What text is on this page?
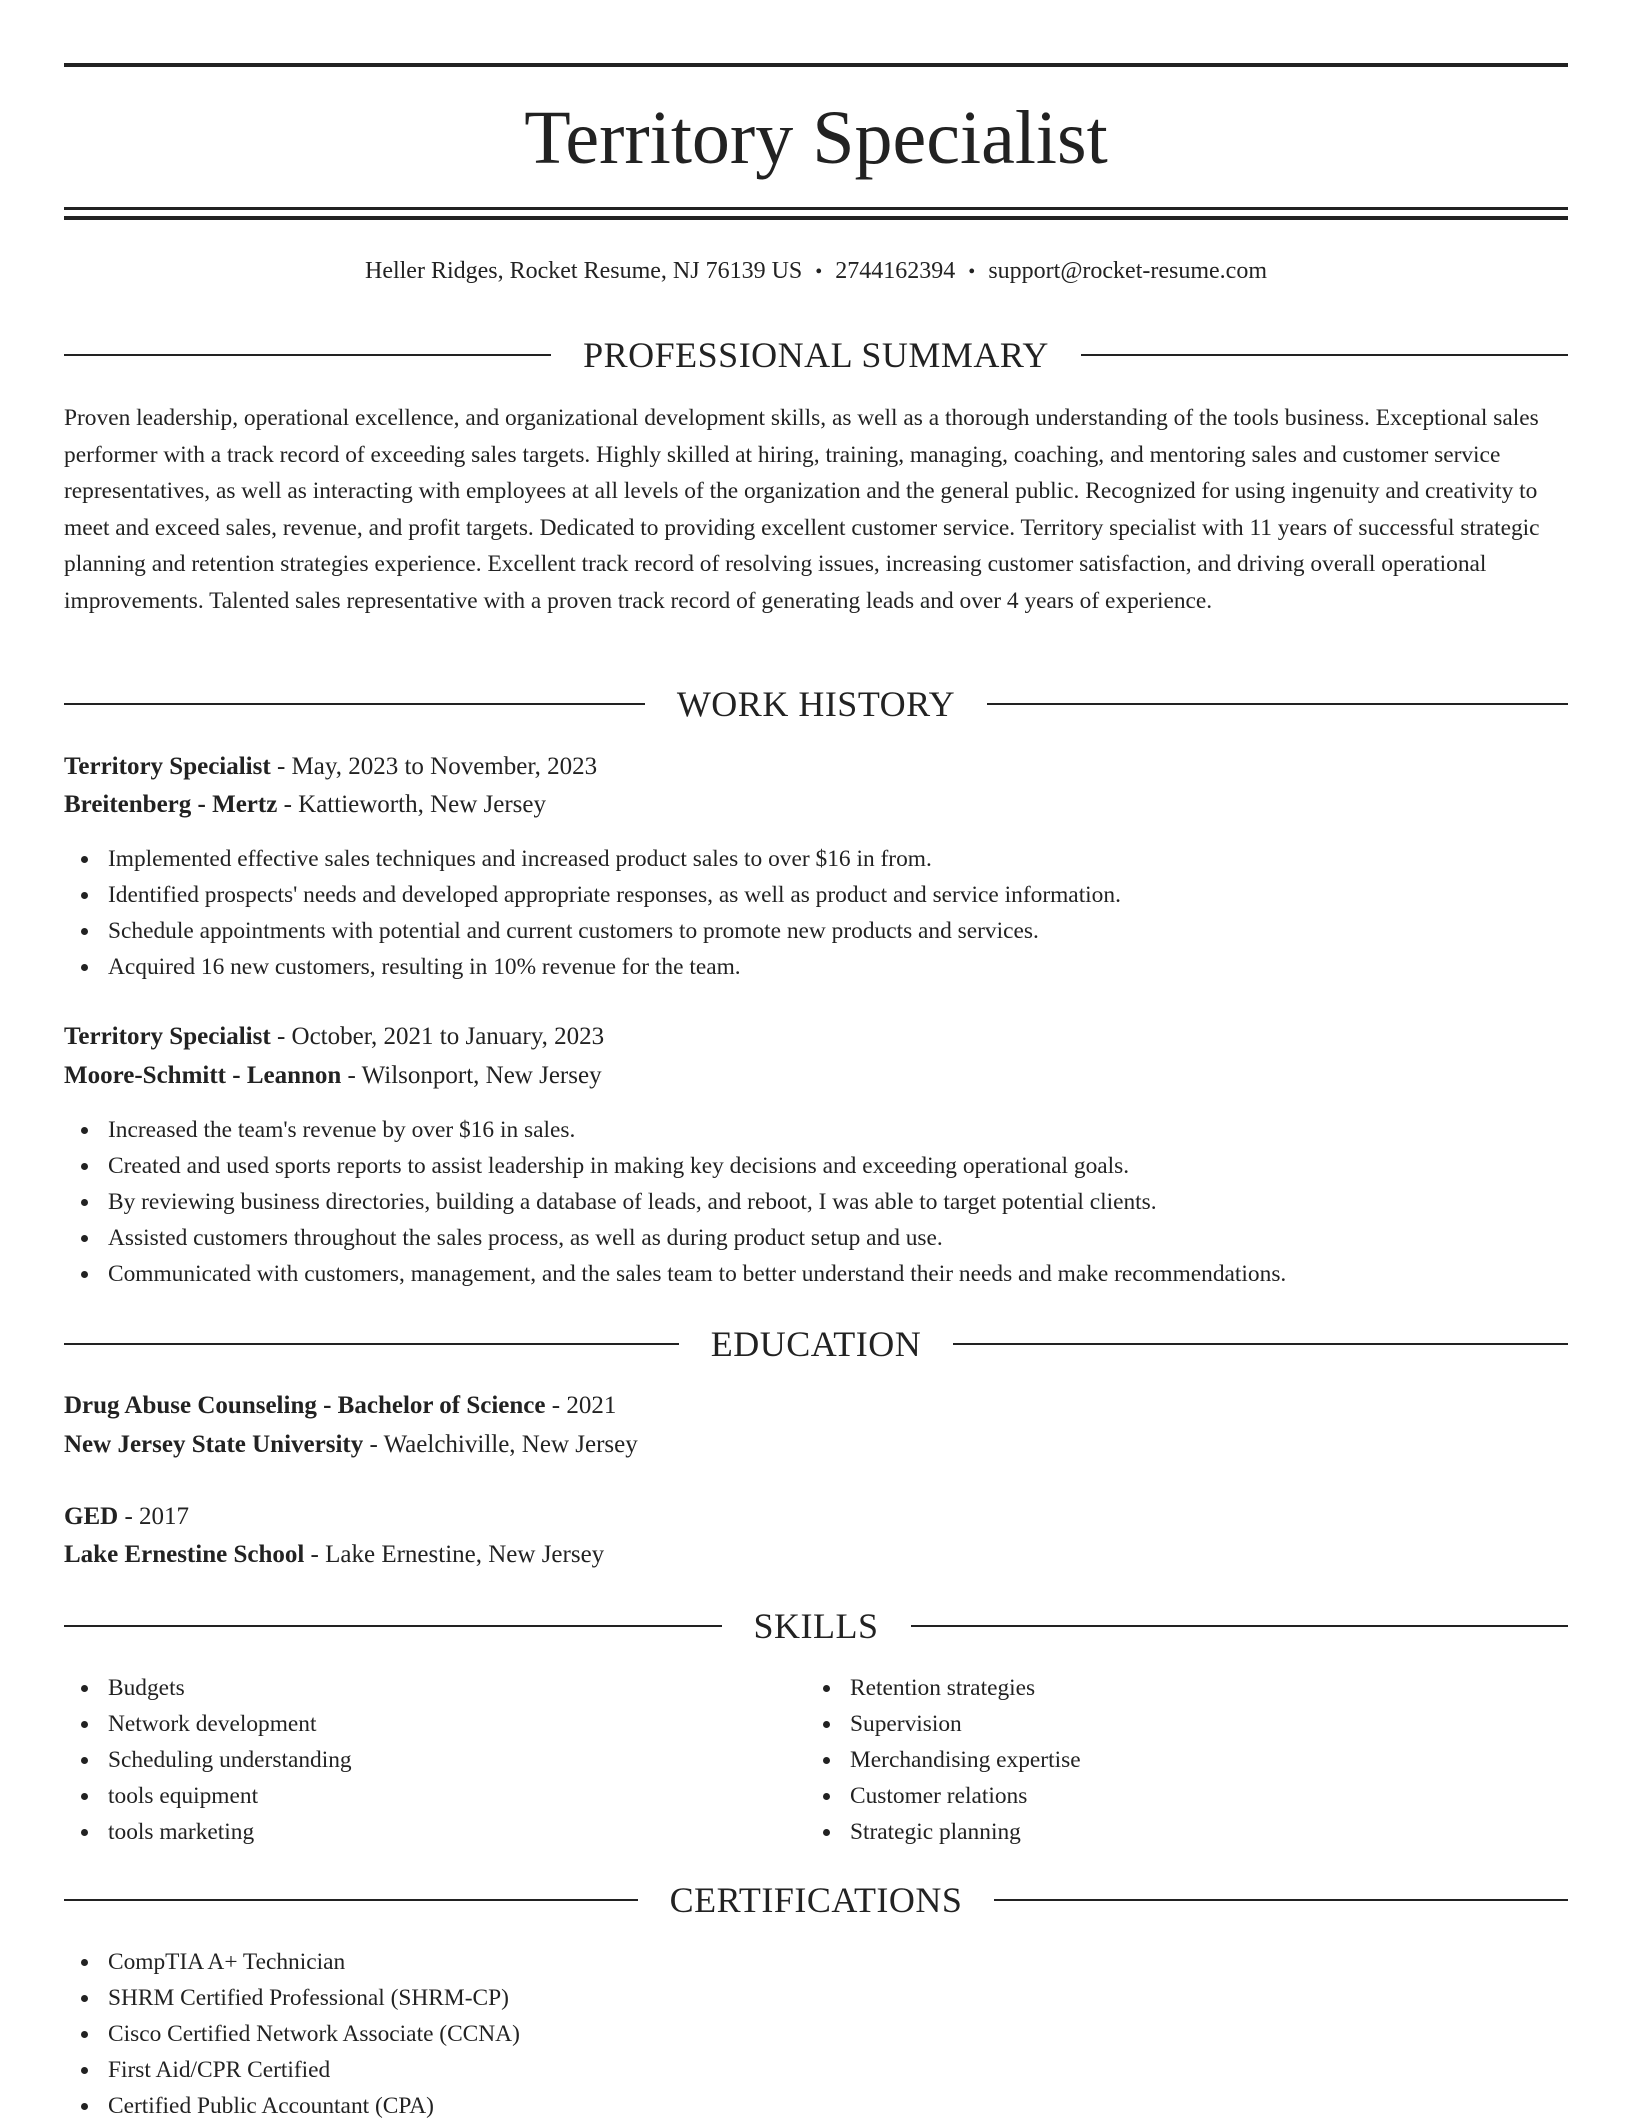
Territory Specialist
Heller Ridges, Rocket Resume, NJ 76139 US • 2744162394 • support@rocket-resume.com
PROFESSIONAL SUMMARY

Proven leadership, operational excellence, and organizational development skills, as well as a thorough understanding of the tools business. Exceptional sales performer with a track record of exceeding sales targets. Highly skilled at hiring, training, managing, coaching, and mentoring sales and customer service representatives, as well as interacting with employees at all levels of the organization and the general public. Recognized for using ingenuity and creativity to meet and exceed sales, revenue, and profit targets. Dedicated to providing excellent customer service. Territory specialist with 11 years of successful strategic planning and retention strategies experience. Excellent track record of resolving issues, increasing customer satisfaction, and driving overall operational improvements. Talented sales representative with a proven track record of generating leads and over 4 years of experience.

WORK HISTORY
Territory Specialist - May, 2023 to November, 2023
Breitenberg - Mertz - Kattieworth, New Jersey
Implemented effective sales techniques and increased product sales to over $16 in from.
Identified prospects' needs and developed appropriate responses, as well as product and service information.
Schedule appointments with potential and current customers to promote new products and services.
Acquired 16 new customers, resulting in 10% revenue for the team.
Territory Specialist - October, 2021 to January, 2023
Moore-Schmitt - Leannon - Wilsonport, New Jersey
Increased the team's revenue by over $16 in sales.
Created and used sports reports to assist leadership in making key decisions and exceeding operational goals.
By reviewing business directories, building a database of leads, and reboot, I was able to target potential clients.
Assisted customers throughout the sales process, as well as during product setup and use.
Communicated with customers, management, and the sales team to better understand their needs and make recommendations.
EDUCATION
Drug Abuse Counseling - Bachelor of Science - 2021
New Jersey State University - Waelchiville, New Jersey
GED - 2017
Lake Ernestine School - Lake Ernestine, New Jersey
SKILLS
Budgets
Network development
Scheduling understanding
tools equipment
tools marketing
Retention strategies
Supervision
Merchandising expertise
Customer relations
Strategic planning
CERTIFICATIONS
CompTIA A+ Technician
SHRM Certified Professional (SHRM-CP)
Cisco Certified Network Associate (CCNA)
First Aid/CPR Certified
Certified Public Accountant (CPA)
